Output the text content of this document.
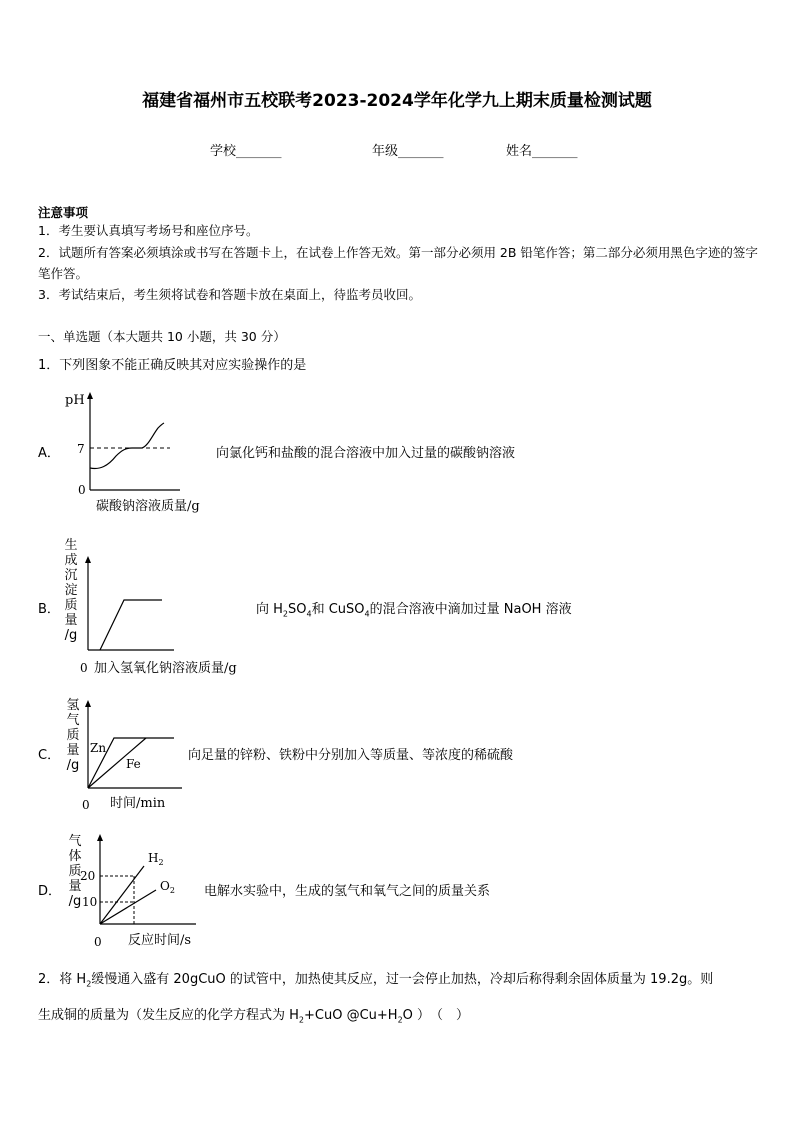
福建省福州市五校联考2023-2024学年化学九上期末质量检测试题
学校_______	年级_______	姓名_______
注意事项
1．考生要认真填写考场号和座位序号。
2．试题所有答案必须填涂或书写在答题卡上，在试卷上作答无效。第一部分必须用 2B 铅笔作答；第二部分必须用黑色字迹的签字笔作答。
3．考试结束后，考生须将试卷和答题卡放在桌面上，待监考员收回。
一、单选题（本大题共 10 小题，共 30 分）
1．下列图象不能正确反映其对应实验操作的是
A．
pH
0
7
碳酸钠溶液质量/g
向氯化钙和盐酸的混合溶液中加入过量的碳酸钠溶液
B．
生
成
沉
淀
质
量
/g
0 加入氢氧化钠溶液质量/g
向 $H_2SO_4$和 CuSO$_4$的混合溶液中滴加过量 NaOH 溶液
C．
氢
气
质
量
/g
Zn
Fe
0 时间/min
向足量的锌粉、铁粉中分别加入等质量、等浓度的稀硫酸
D．
气
体
质
量
/g
20
10
$H_2$
$O_2$
0 反应时间/s
电解水实验中，生成的氢气和氧气之间的质量关系
2．将 $H_2$缓慢通入盛有 20gCuO 的试管中，加热使其反应，过一会停止加热，冷却后称得剩余固体质量为 19.2g。则
生成铜的质量为（发生反应的化学方程式为 $H_2+CuO$ $@Cu+H_2O$ ）　（　）
